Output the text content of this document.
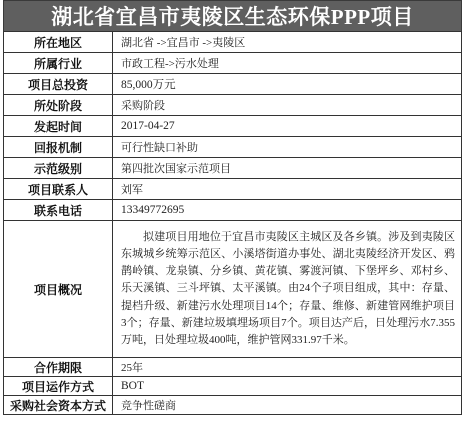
湖北省宜昌市夷陵区生态环保PPP项目
所在地区	湖北省 ->宜昌市 ->夷陵区
所属行业	市政工程->污水处理
项目总投资	85,000万元
所处阶段	采购阶段
发起时间	2017-04-27
回报机制	可行性缺口补助
示范级别	第四批次国家示范项目
项目联系人	刘军
联系电话	13349772695
项目概况	拟建项目用地位于宜昌市夷陵区主城区及各乡镇。涉及到夷陵区东城城乡统筹示范区、小溪塔街道办事处、湖北夷陵经济开发区、鸦鹊岭镇、龙泉镇、分乡镇、黄花镇、雾渡河镇、下堡坪乡、邓村乡、乐天溪镇、三斗坪镇、太平溪镇。由24个子项目组成，其中：存量、提档升级、新建污水处理项目14个；存量、维修、新建管网维护项目3个；存量、新建垃圾填埋场项目7个。项目达产后，日处理污水7.355万吨，日处理垃圾400吨，维护管网331.97千米。
合作期限	25年
项目运作方式	BOT
采购社会资本方式	竞争性磋商
